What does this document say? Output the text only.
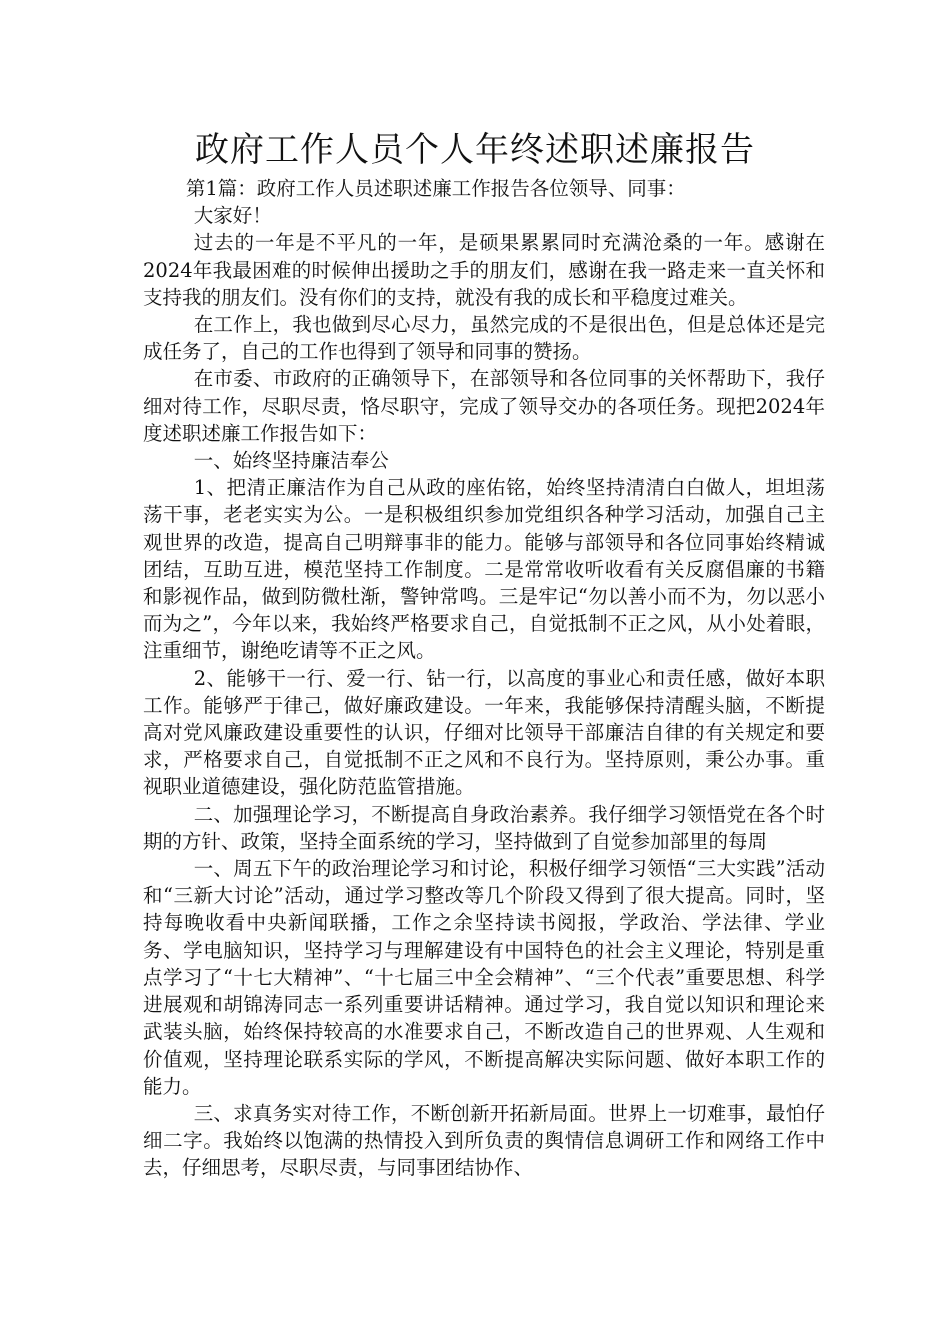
政府工作人员个人年终述职述廉报告

第1篇：政府工作人员述职述廉工作报告各位领导、同事：

大家好！

过去的一年是不平凡的一年，是硕果累累同时充满沧桑的一年。感谢在2024年我最困难的时候伸出援助之手的朋友们，感谢在我一路走来一直关怀和支持我的朋友们。没有你们的支持，就没有我的成长和平稳度过难关。

在工作上，我也做到尽心尽力，虽然完成的不是很出色，但是总体还是完成任务了，自己的工作也得到了领导和同事的赞扬。

在市委、市政府的正确领导下，在部领导和各位同事的关怀帮助下，我仔细对待工作，尽职尽责，恪尽职守，完成了领导交办的各项任务。现把2024年度述职述廉工作报告如下：

一、始终坚持廉洁奉公

1、把清正廉洁作为自己从政的座佑铭，始终坚持清清白白做人，坦坦荡荡干事，老老实实为公。一是积极组织参加党组织各种学习活动，加强自己主观世界的改造，提高自己明辩事非的能力。能够与部领导和各位同事始终精诚团结，互助互进，模范坚持工作制度。二是常常收听收看有关反腐倡廉的书籍和影视作品，做到防微杜渐，警钟常鸣。三是牢记“勿以善小而不为，勿以恶小而为之”，今年以来，我始终严格要求自己，自觉抵制不正之风，从小处着眼，注重细节，谢绝吃请等不正之风。

2、能够干一行、爱一行、钻一行，以高度的事业心和责任感，做好本职工作。能够严于律己，做好廉政建设。一年来，我能够保持清醒头脑，不断提高对党风廉政建设重要性的认识，仔细对比领导干部廉洁自律的有关规定和要求，严格要求自己，自觉抵制不正之风和不良行为。坚持原则，秉公办事。重视职业道德建设，强化防范监管措施。

二、加强理论学习，不断提高自身政治素养。我仔细学习领悟党在各个时期的方针、政策，坚持全面系统的学习，坚持做到了自觉参加部里的每周

一、周五下午的政治理论学习和讨论，积极仔细学习领悟“三大实践”活动和“三新大讨论”活动，通过学习整改等几个阶段又得到了很大提高。同时，坚持每晚收看中央新闻联播，工作之余坚持读书阅报，学政治、学法律、学业务、学电脑知识，坚持学习与理解建设有中国特色的社会主义理论，特别是重点学习了“十七大精神”、“十七届三中全会精神”、“三个代表”重要思想、科学进展观和胡锦涛同志一系列重要讲话精神。通过学习，我自觉以知识和理论来武装头脑，始终保持较高的水准要求自己，不断改造自己的世界观、人生观和价值观，坚持理论联系实际的学风，不断提高解决实际问题、做好本职工作的能力。

三、求真务实对待工作，不断创新开拓新局面。世界上一切难事，最怕仔细二字。我始终以饱满的热情投入到所负责的舆情信息调研工作和网络工作中去，仔细思考，尽职尽责，与同事团结协作、
